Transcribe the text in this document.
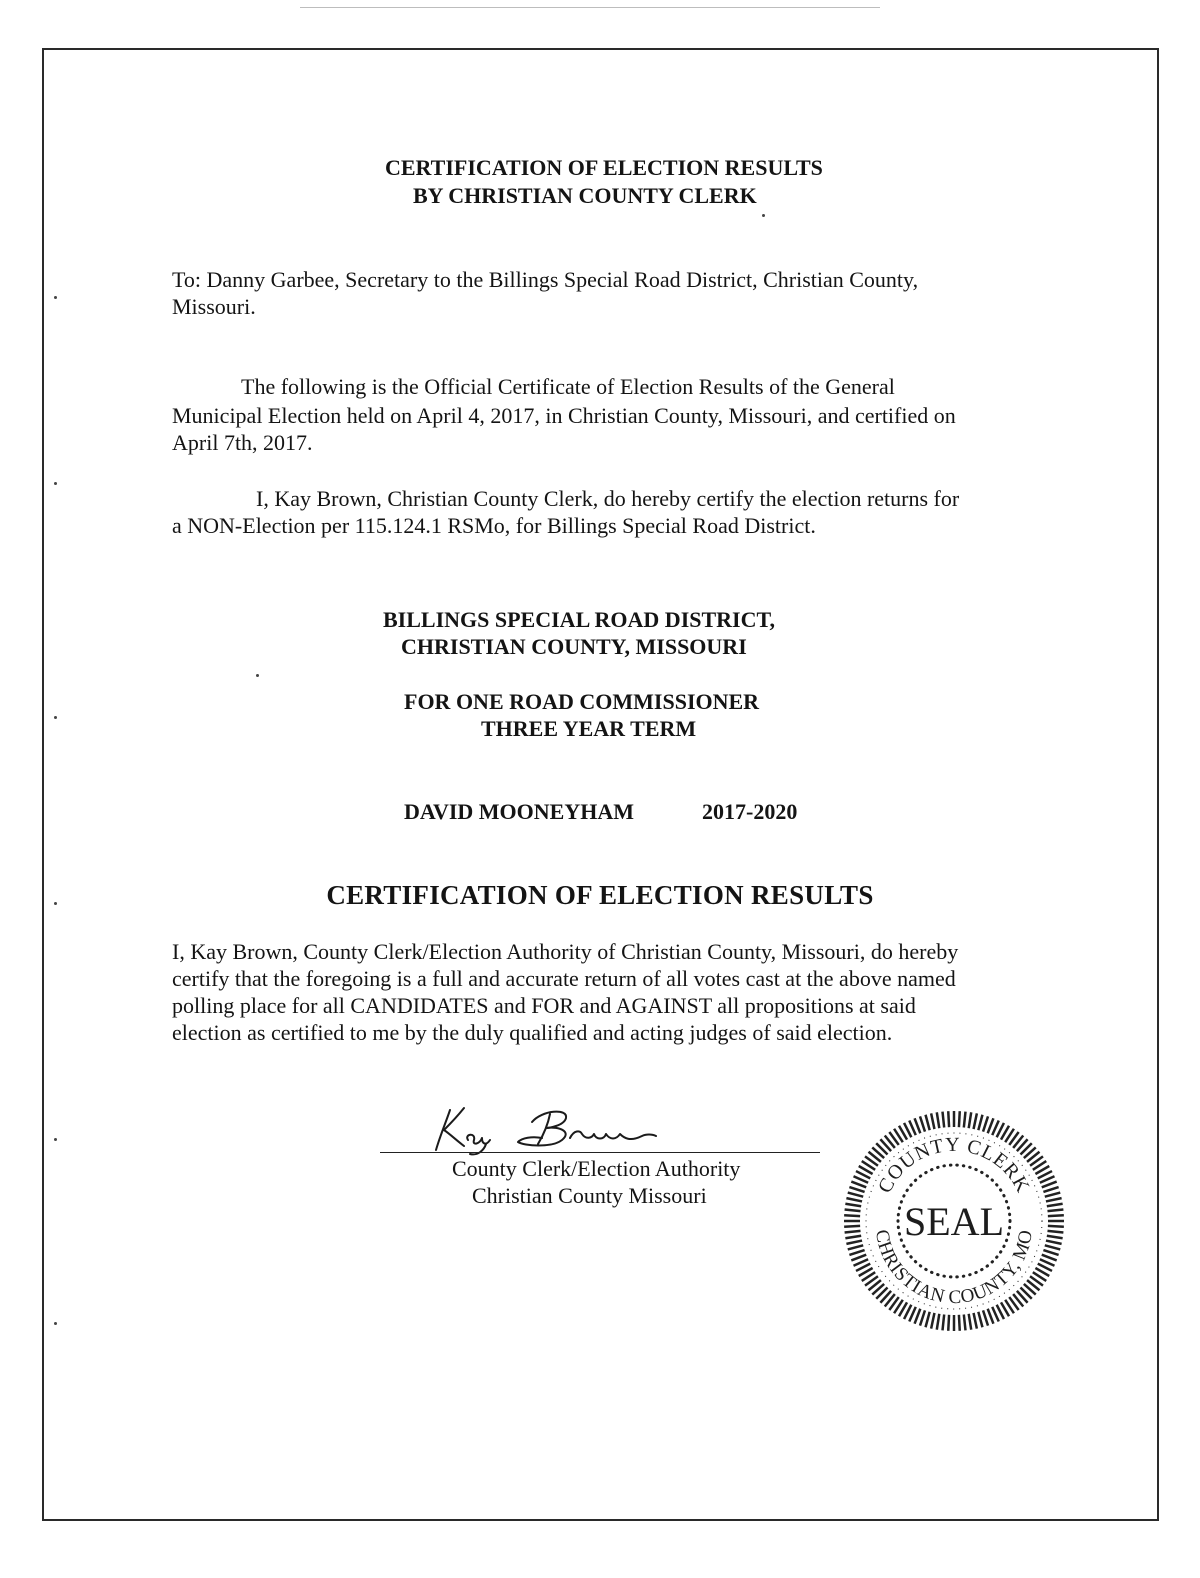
CERTIFICATION OF ELECTION RESULTS
BY CHRISTIAN COUNTY CLERK
To: Danny Garbee, Secretary to the Billings Special Road District, Christian County,
Missouri.
The following is the Official Certificate of Election Results of the General
Municipal Election held on April 4, 2017, in Christian County, Missouri, and certified on
April 7th, 2017.
I, Kay Brown, Christian County Clerk, do hereby certify the election returns for
a NON-Election per 115.124.1 RSMo, for Billings Special Road District.
BILLINGS SPECIAL ROAD DISTRICT,
CHRISTIAN COUNTY, MISSOURI
FOR ONE ROAD COMMISSIONER
THREE YEAR TERM
DAVID MOONEYHAM	2017-2020
CERTIFICATION OF ELECTION RESULTS
I, Kay Brown, County Clerk/Election Authority of Christian County, Missouri, do hereby
certify that the foregoing is a full and accurate return of all votes cast at the above named
polling place for all CANDIDATES and FOR and AGAINST all propositions at said
election as certified to me by the duly qualified and acting judges of said election.
County Clerk/Election Authority
Christian County Missouri	COUNTY CLERK
CHRISTIAN COUNTY, MO
SEAL
